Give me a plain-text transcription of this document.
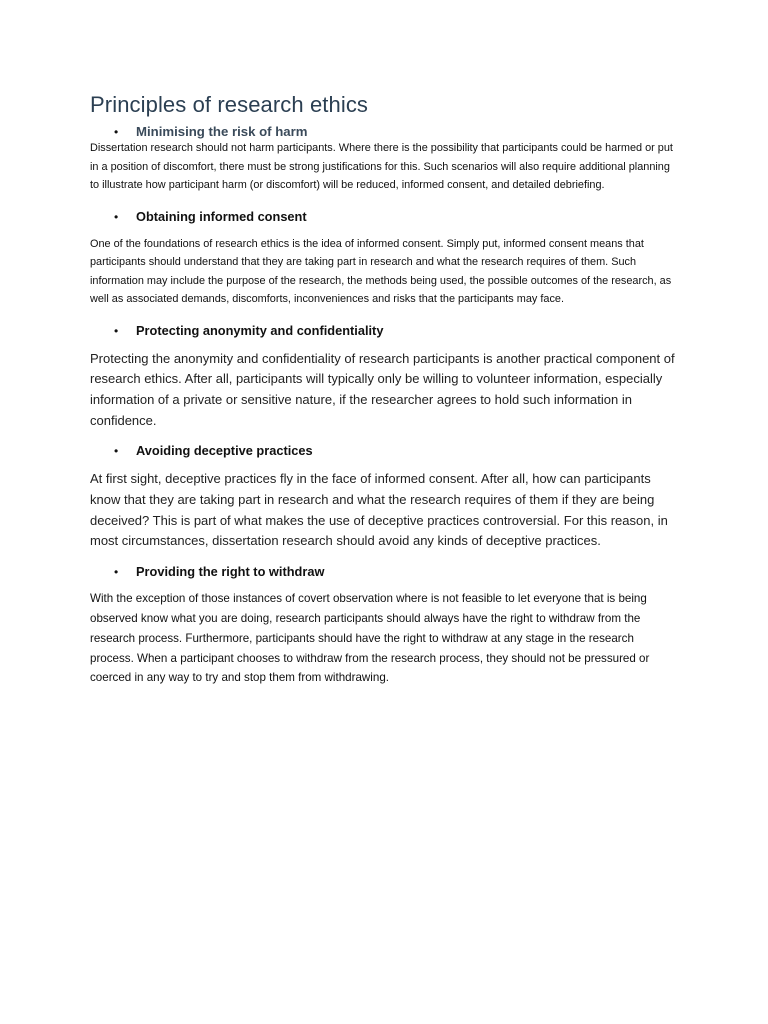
Principles of research ethics
•	Minimising the risk of harm

Dissertation research should not harm participants. Where there is the possibility that participants could be harmed or put in a position of discomfort, there must be strong justifications for this. Such scenarios will also require additional planning to illustrate how participant harm (or discomfort) will be reduced, informed consent, and detailed debriefing.

•	Obtaining informed consent

One of the foundations of research ethics is the idea of informed consent. Simply put, informed consent means that participants should understand that they are taking part in research and what the research requires of them. Such information may include the purpose of the research, the methods being used, the possible outcomes of the research, as well as associated demands, discomforts, inconveniences and risks that the participants may face.

•	Protecting anonymity and confidentiality

Protecting the anonymity and confidentiality of research participants is another practical component of research ethics. After all, participants will typically only be willing to volunteer information, especially information of a private or sensitive nature, if the researcher agrees to hold such information in confidence.

•	Avoiding deceptive practices

At first sight, deceptive practices fly in the face of informed consent. After all, how can participants know that they are taking part in research and what the research requires of them if they are being deceived? This is part of what makes the use of deceptive practices controversial. For this reason, in most circumstances, dissertation research should avoid any kinds of deceptive practices.

•	Providing the right to withdraw

With the exception of those instances of covert observation where is not feasible to let everyone that is being observed know what you are doing, research participants should always have the right to withdraw from the research process. Furthermore, participants should have the right to withdraw at any stage in the research process. When a participant chooses to withdraw from the research process, they should not be pressured or coerced in any way to try and stop them from withdrawing.
